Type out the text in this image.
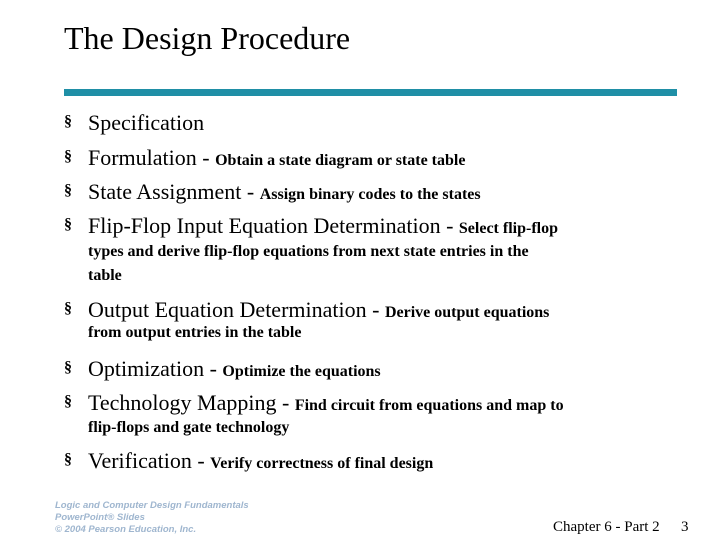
The Design Procedure
§ Specification
§ Formulation - Obtain a state diagram or state table
§ State Assignment - Assign binary codes to the states
§ Flip-Flop Input Equation Determination - Select flip-flop
types and derive flip-flop equations from next state entries in the
table
§ Output Equation Determination - Derive output equations
from output entries in the table
§ Optimization - Optimize the equations
§ Technology Mapping - Find circuit from equations and map to
flip-flops and gate technology
§ Verification - Verify correctness of final design
Logic and Computer Design Fundamentals
PowerPoint® Slides
© 2004 Pearson Education, Inc.	Chapter 6 - Part 2 3
